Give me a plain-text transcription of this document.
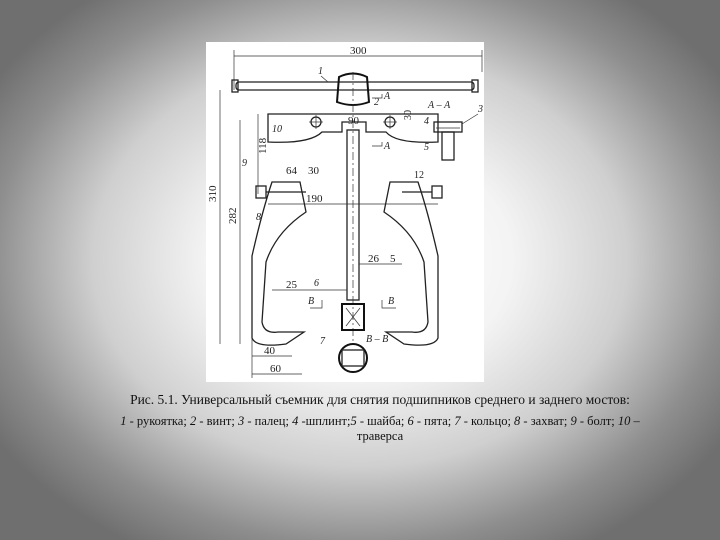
300
1
2
А
А
10
90	30
118
310
282
9
64 30	12
190
8
26 5
25 6
В	В
В – В
7
40
60
А – А	3
4
5
Рис. 5.1. Универсальный съемник для снятия подшипников среднего и заднего мостов:
1 - рукоятка; 2 - винт; 3 - палец; 4 -шплинт;5 - шайба; 6 - пята; 7 - кольцо; 8 - захват; 9 - болт; 10 – траверса
